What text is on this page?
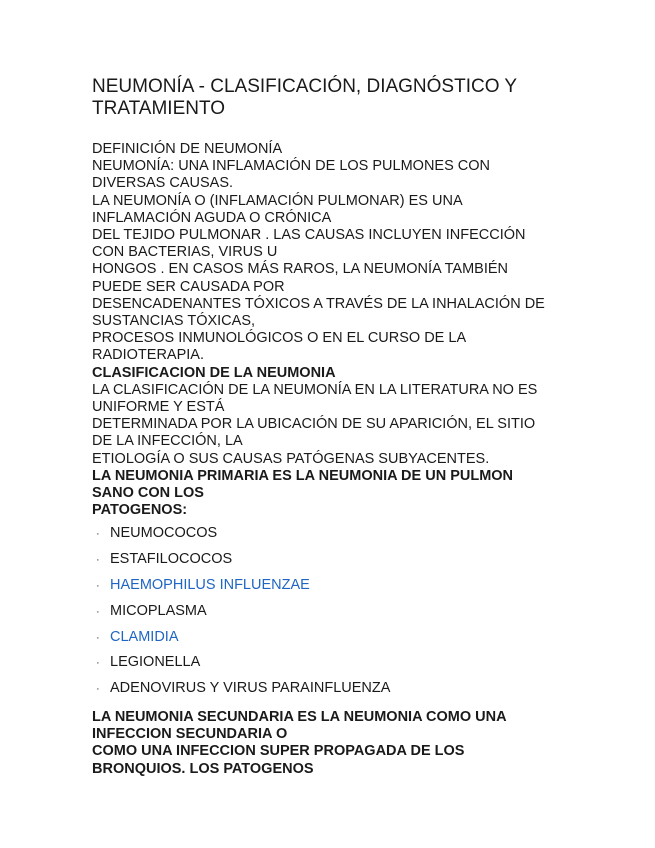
NEUMONÍA - CLASIFICACIÓN, DIAGNÓSTICO Y
TRATAMIENTO
DEFINICIÓN DE NEUMONÍA
NEUMONÍA: UNA INFLAMACIÓN DE LOS PULMONES CON
DIVERSAS CAUSAS.
LA NEUMONÍA O (INFLAMACIÓN PULMONAR) ES UNA
INFLAMACIÓN AGUDA O CRÓNICA
DEL TEJIDO PULMONAR . LAS CAUSAS INCLUYEN INFECCIÓN
CON BACTERIAS, VIRUS U
HONGOS . EN CASOS MÁS RAROS, LA NEUMONÍA TAMBIÉN
PUEDE SER CAUSADA POR
DESENCADENANTES TÓXICOS A TRAVÉS DE LA INHALACIÓN DE
SUSTANCIAS TÓXICAS,
PROCESOS INMUNOLÓGICOS O EN EL CURSO DE LA
RADIOTERAPIA.
CLASIFICACION DE LA NEUMONIA
LA CLASIFICACIÓN DE LA NEUMONÍA EN LA LITERATURA NO ES
UNIFORME Y ESTÁ
DETERMINADA POR LA UBICACIÓN DE SU APARICIÓN, EL SITIO
DE LA INFECCIÓN, LA
ETIOLOGÍA O SUS CAUSAS PATÓGENAS SUBYACENTES.
LA NEUMONIA PRIMARIA ES LA NEUMONIA DE UN PULMON
SANO CON LOS
PATOGENOS:
· NEUMOCOCOS
· ESTAFILOCOCOS
· HAEMOPHILUS INFLUENZAE
· MICOPLASMA
· CLAMIDIA
· LEGIONELLA
· ADENOVIRUS Y VIRUS PARAINFLUENZA
LA NEUMONIA SECUNDARIA ES LA NEUMONIA COMO UNA
INFECCION SECUNDARIA O
COMO UNA INFECCION SUPER PROPAGADA DE LOS
BRONQUIOS. LOS PATOGENOS
